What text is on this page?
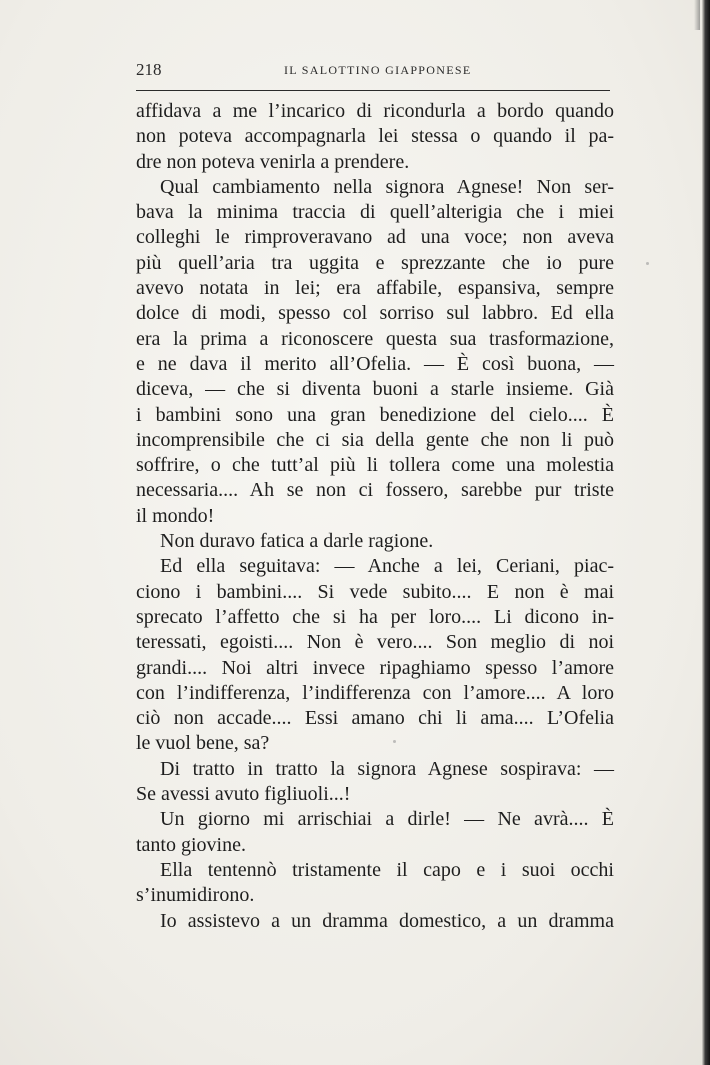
218	IL SALOTTINO GIAPPONESE
affidava a me l’incarico di ricondurla a bordo quando
non poteva accompagnarla lei stessa o quando il pa-
dre non poteva venirla a prendere.
Qual cambiamento nella signora Agnese! Non ser-
bava la minima traccia di quell’alterigia che i miei
colleghi le rimproveravano ad una voce; non aveva
più quell’aria tra uggita e sprezzante che io pure
avevo notata in lei; era affabile, espansiva, sempre
dolce di modi, spesso col sorriso sul labbro. Ed ella
era la prima a riconoscere questa sua trasformazione,
e ne dava il merito all’Ofelia. — È così buona, —
diceva, — che si diventa buoni a starle insieme. Già
i bambini sono una gran benedizione del cielo.... È
incomprensibile che ci sia della gente che non li può
soffrire, o che tutt’al più li tollera come una molestia
necessaria.... Ah se non ci fossero, sarebbe pur triste
il mondo!
Non duravo fatica a darle ragione.
Ed ella seguitava: — Anche a lei, Ceriani, piac-
ciono i bambini.... Si vede subito.... E non è mai
sprecato l’affetto che si ha per loro.... Li dicono in-
teressati, egoisti.... Non è vero.... Son meglio di noi
grandi.... Noi altri invece ripaghiamo spesso l’amore
con l’indifferenza, l’indifferenza con l’amore.... A loro
ciò non accade.... Essi amano chi li ama.... L’Ofelia
le vuol bene, sa?
Di tratto in tratto la signora Agnese sospirava: —
Se avessi avuto figliuoli...!
Un giorno mi arrischiai a dirle! — Ne avrà.... È
tanto giovine.
Ella tentennò tristamente il capo e i suoi occhi
s’inumidirono.
Io assistevo a un dramma domestico, a un dramma
